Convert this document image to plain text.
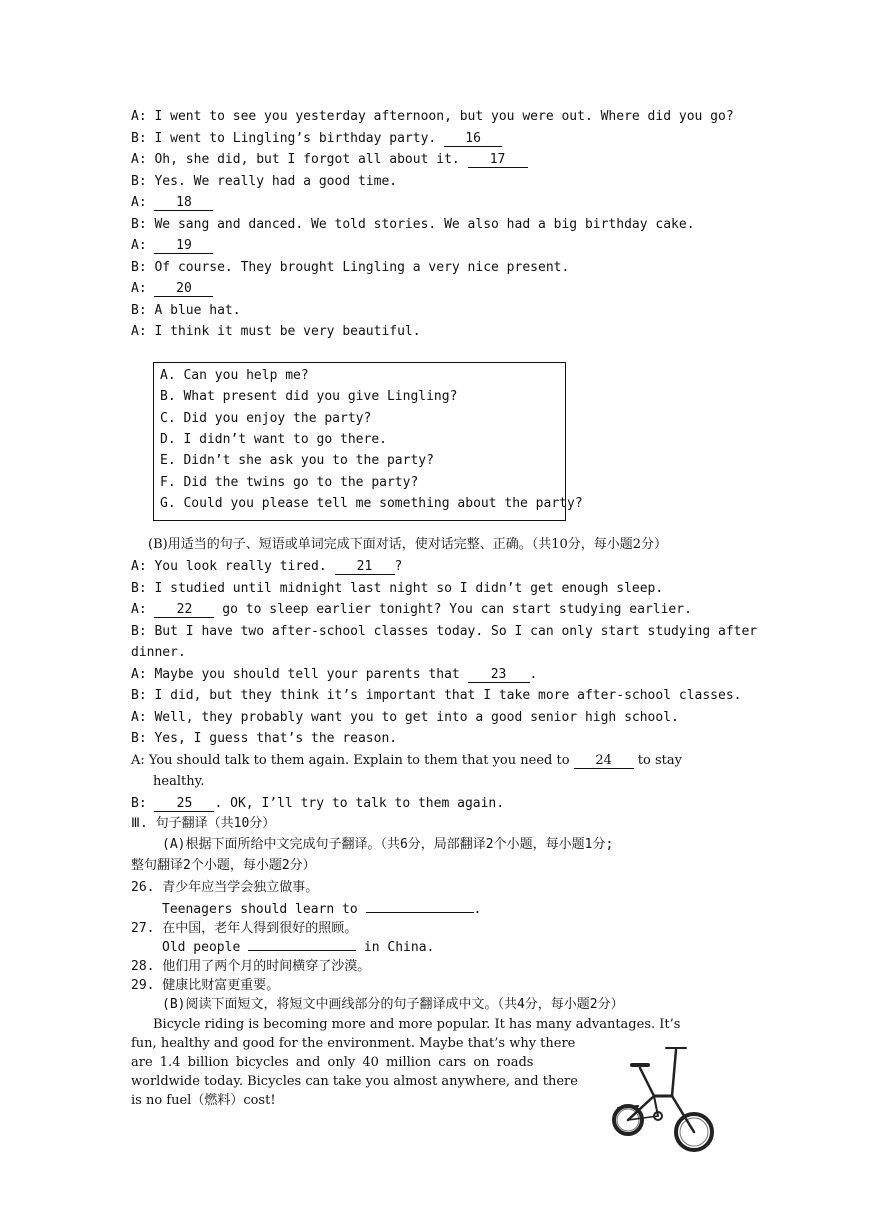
A: I went to see you yesterday afternoon, but you were out. Where did you go?
B: I went to Lingling’s birthday party. 16
A: Oh, she did, but I forgot all about it. 17
B: Yes. We really had a good time.
A: 18
B: We sang and danced. We told stories. We also had a big birthday cake.
A: 19
B: Of course. They brought Lingling a very nice present.
A: 20
B: A blue hat.
A: I think it must be very beautiful.
A. Can you help me?
B. What present did you give Lingling?
C. Did you enjoy the party?
D. I didn’t want to go there.
E. Didn’t she ask you to the party?
F. Did the twins go to the party?
G. Could you please tell me something about the party?
(B)用适当的句子、短语或单词完成下面对话，使对话完整、正确。（共10分，每小题2分）
A: You look really tired. 21 ?
B: I studied until midnight last night so I didn’t get enough sleep.
A: 22 go to sleep earlier tonight? You can start studying earlier.
B: But I have two after-school classes today. So I can only start studying after
dinner.
A: Maybe you should tell your parents that 23 .
B: I did, but they think it’s important that I take more after-school classes.
A: Well, they probably want you to get into a good senior high school.
B: Yes, I guess that’s the reason.
A: You should talk to them again. Explain to them that you need to 24 to stay
healthy.
B: 25 . OK, I’ll try to talk to them again.
Ⅲ. 句子翻译（共10分）
(A)根据下面所给中文完成句子翻译。（共6分，局部翻译2个小题，每小题1分;
整句翻译2个小题，每小题2分）
26. 青少年应当学会独立做事。
Teenagers should learn to	.
27. 在中国，老年人得到很好的照顾。
Old people	in China.
28. 他们用了两个月的时间横穿了沙漠。
29. 健康比财富更重要。
(B)阅读下面短文，将短文中画线部分的句子翻译成中文。（共4分，每小题2分）
Bicycle riding is becoming more and more popular. It has many advantages. It’s
fun, healthy and good for the environment. Maybe that’s why there
are 1.4 billion bicycles and only 40 million cars on roads
worldwide today. Bicycles can take you almost anywhere, and there
is no fuel（燃料）cost!
